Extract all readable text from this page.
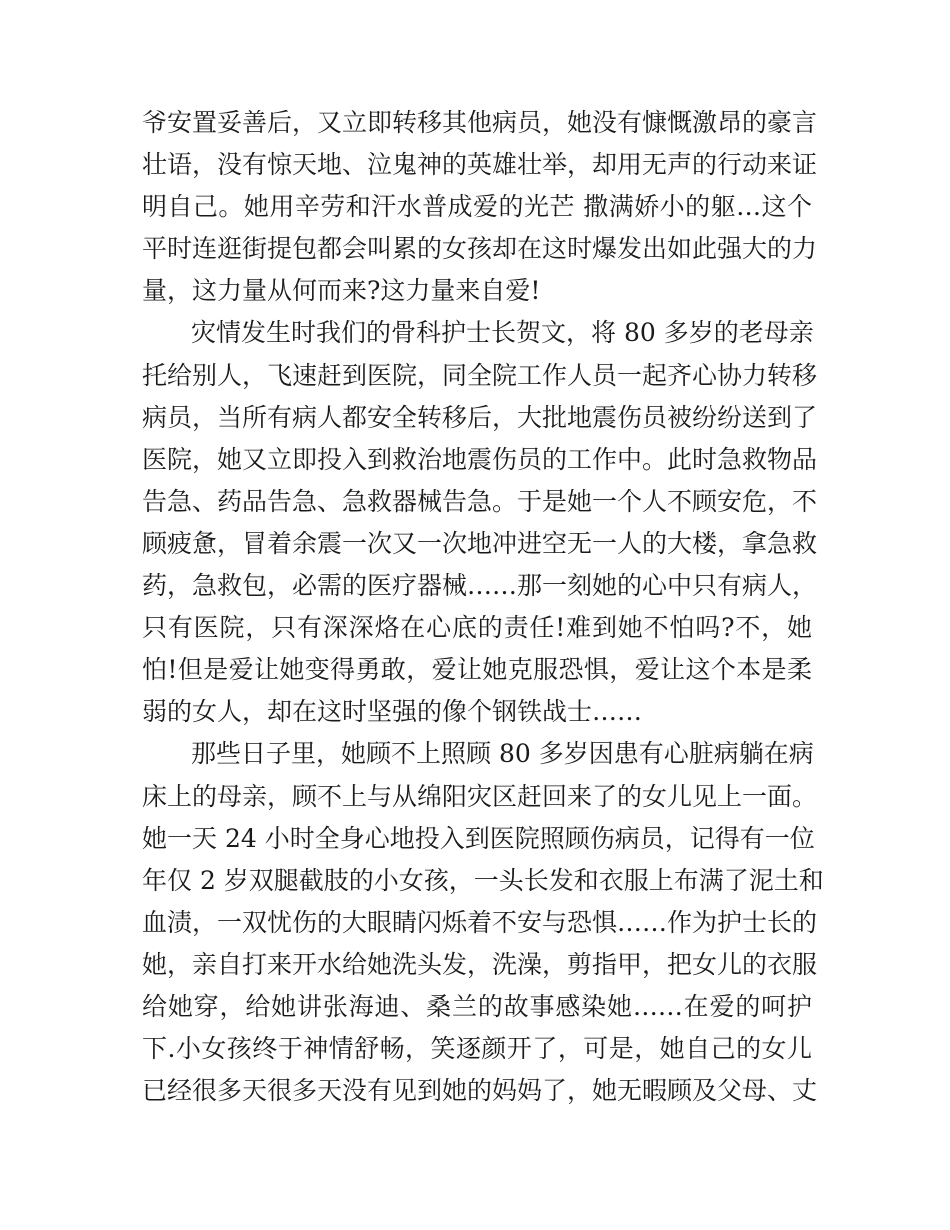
爷安置妥善后，又立即转移其他病员，她没有慷慨激昂的豪言
壮语，没有惊天地、泣鬼神的英雄壮举，却用无声的行动来证
明自己。她用辛劳和汗水普成爱的光芒 撒满娇小的躯…这个
平时连逛街提包都会叫累的女孩却在这时爆发出如此强大的力
量，这力量从何而来?这力量来自爱!
灾情发生时我们的骨科护士长贺文，将 80 多岁的老母亲
托给别人，飞速赶到医院，同全院工作人员一起齐心协力转移
病员，当所有病人都安全转移后，大批地震伤员被纷纷送到了
医院，她又立即投入到救治地震伤员的工作中。此时急救物品
告急、药品告急、急救器械告急。于是她一个人不顾安危，不
顾疲惫，冒着余震一次又一次地冲进空无一人的大楼，拿急救
药，急救包，必需的医疗器械……那一刻她的心中只有病人，
只有医院，只有深深烙在心底的责任!难到她不怕吗?不，她
怕!但是爱让她变得勇敢，爱让她克服恐惧，爱让这个本是柔
弱的女人，却在这时坚强的像个钢铁战士……
那些日子里，她顾不上照顾 80 多岁因患有心脏病躺在病
床上的母亲，顾不上与从绵阳灾区赶回来了的女儿见上一面。
她一天 24 小时全身心地投入到医院照顾伤病员，记得有一位
年仅 2 岁双腿截肢的小女孩，一头长发和衣服上布满了泥土和
血渍，一双忧伤的大眼睛闪烁着不安与恐惧……作为护士长的
她，亲自打来开水给她洗头发，洗澡，剪指甲，把女儿的衣服
给她穿，给她讲张海迪、桑兰的故事感染她……在爱的呵护
下.小女孩终于神情舒畅，笑逐颜开了，可是，她自己的女儿
已经很多天很多天没有见到她的妈妈了，她无暇顾及父母、丈
